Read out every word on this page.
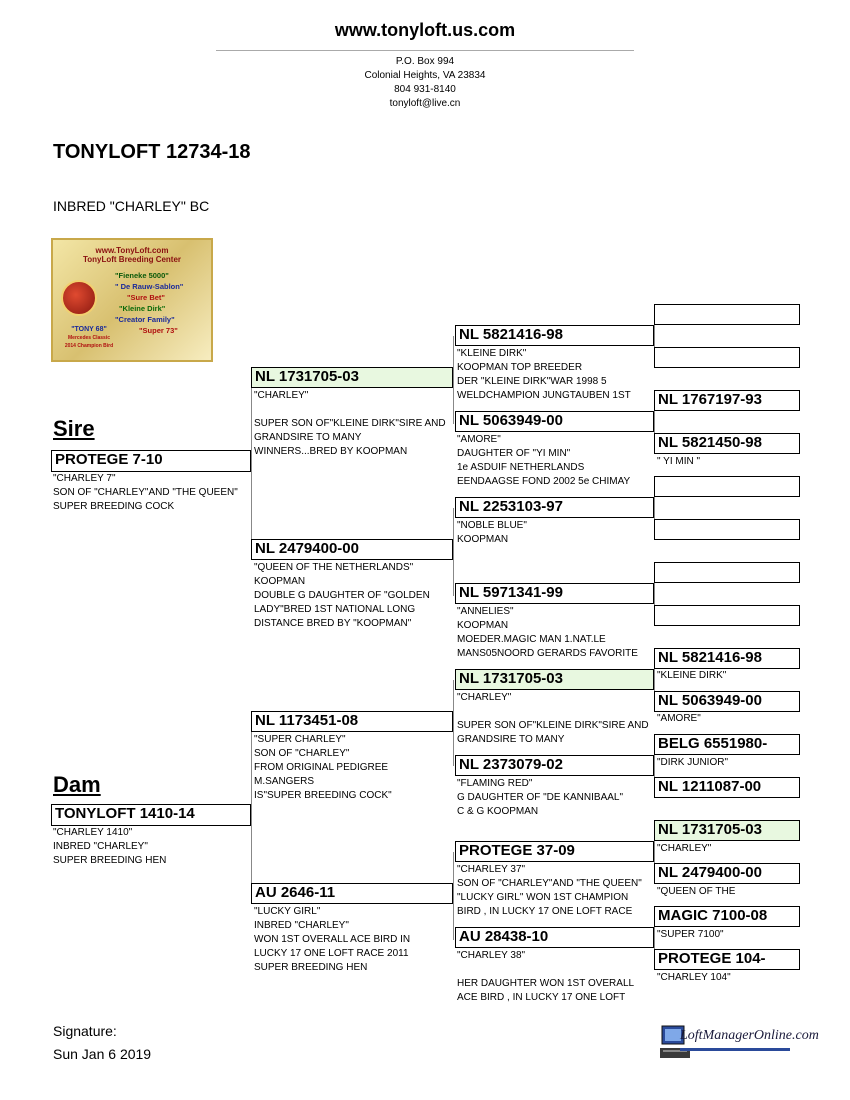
www.tonyloft.us.com
P.O. Box 994
Colonial Heights, VA 23834
804 931-8140
tonyloft@live.cn
TONYLOFT 12734-18
INBRED "CHARLEY" BC
www.TonyLoft.com
TonyLoft Breeding Center
"Fieneke 5000"
" De Rauw-Sablon"
"Sure Bet"
"Kleine Dirk"
"Creator Family"
"Super 73"
"TONY 68"
Mercedes Classic
2014 Champion Bird
Sire
PROTEGE 7-10
"CHARLEY 7"
SON OF "CHARLEY"AND "THE QUEEN"
SUPER BREEDING COCK
Dam
TONYLOFT 1410-14
"CHARLEY 1410"
INBRED "CHARLEY"
SUPER BREEDING HEN
NL 1731705-03
"CHARLEY"
SUPER SON OF"KLEINE DIRK"SIRE AND
GRANDSIRE TO MANY
WINNERS...BRED BY KOOPMAN
NL 2479400-00
"QUEEN OF THE NETHERLANDS"
KOOPMAN
DOUBLE G DAUGHTER OF "GOLDEN
LADY"BRED 1ST NATIONAL LONG
DISTANCE BRED BY "KOOPMAN"
NL 1173451-08
"SUPER CHARLEY"
SON OF "CHARLEY"
FROM ORIGINAL PEDIGREE
M.SANGERS
IS"SUPER BREEDING COCK"
AU 2646-11
"LUCKY GIRL"
INBRED "CHARLEY"
WON 1ST OVERALL ACE BIRD IN
LUCKY 17 ONE LOFT RACE 2011
SUPER BREEDING HEN
NL 5821416-98
"KLEINE DIRK"
KOOPMAN TOP BREEDER
DER "KLEINE DIRK"WAR 1998 5
WELDCHAMPION JUNGTAUBEN 1ST
NL 5063949-00
"AMORE"
DAUGHTER OF "YI MIN"
1e ASDUIF NETHERLANDS
EENDAAGSE FOND 2002 5e CHIMAY
NL 2253103-97
"NOBLE BLUE"
KOOPMAN
NL 5971341-99
"ANNELIES"
KOOPMAN
MOEDER.MAGIC MAN 1.NAT.LE
MANS05NOORD GERARDS FAVORITE
NL 1731705-03
"CHARLEY"
SUPER SON OF"KLEINE DIRK"SIRE AND
GRANDSIRE TO MANY
NL 2373079-02
"FLAMING RED"
G DAUGHTER OF "DE KANNIBAAL"
C & G KOOPMAN
PROTEGE 37-09
"CHARLEY 37"
SON OF "CHARLEY"AND "THE QUEEN"
"LUCKY GIRL" WON 1ST CHAMPION
BIRD , IN LUCKY 17 ONE LOFT RACE
AU 28438-10
"CHARLEY 38"
HER DAUGHTER WON 1ST OVERALL
ACE BIRD , IN LUCKY 17 ONE LOFT
NL 1767197-93
NL 5821450-98
" YI MIN "
NL 5821416-98
"KLEINE DIRK"
NL 5063949-00
"AMORE"
BELG 6551980-
"DIRK JUNIOR"
NL 1211087-00
NL 1731705-03
"CHARLEY"
NL 2479400-00
"QUEEN OF THE
MAGIC 7100-08
"SUPER 7100"
PROTEGE 104-
"CHARLEY 104"
Signature:
Sun Jan 6 2019
LoftManagerOnline.com
